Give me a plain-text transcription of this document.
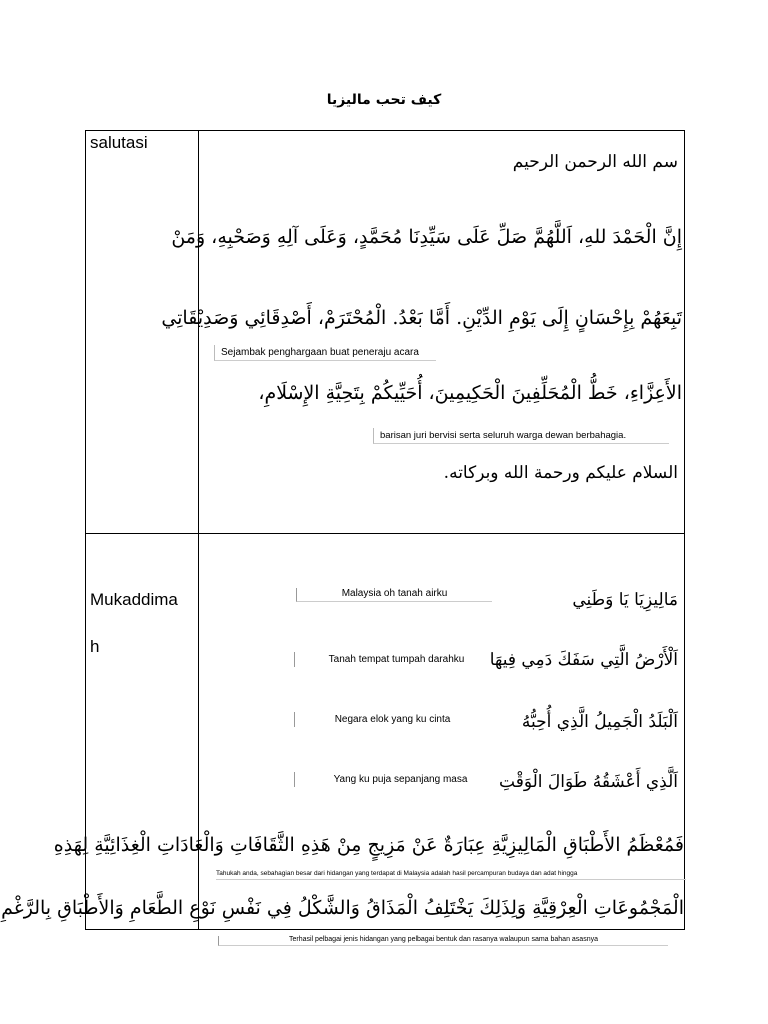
كيف تحب ماليزيا
salutasi
سم الله الرحمن الرحيم
إِنَّ الْحَمْدَ للهِ، اَللَّهُمَّ صَلِّ عَلَى سَيِّدِنَا مُحَمَّدٍ، وَعَلَى آلِهِ وَصَحْبِهِ، وَمَنْ
تَبِعَهُمْ بِإِحْسَانٍ إِلَى يَوْمِ الدِّيْنِ. أَمَّا بَعْدُ. الْمُحْتَرَمْ، أَصْدِقَائِي وَصَدِيْقَاتِي
Sejambak penghargaan buat peneraju acara
الأَعِزَّاءِ، خَطُّ الْمُحَلِّفِينَ الْحَكِيمِينَ، أُحَيِّيكُمْ بِتَحِيَّةِ الإِسْلَامِ،
barisan juri bervisi serta seluruh warga dewan berbahagia.
السلام عليكم ورحمة الله وبركاته.
Mukaddima
h
مَالِيزِيَا يَا وَطَنِي
Malaysia oh tanah airku
اَلْأَرْضُ الَّتِي سَفَكَ دَمِي فِيهَا
Tanah tempat tumpah darahku
اَلْبَلَدُ الْجَمِيلُ الَّذِي أُحِبُّهُ
Negara elok yang ku cinta
اَلَّذِي أَعْشَقُهُ طَوَالَ الْوَقْتِ
Yang ku puja sepanjang masa
فَمُعْظَمُ الأَطْبَاقِ الْمَالِيزِيَّةِ عِبَارَةٌ عَنْ مَزِيجٍ مِنْ هَذِهِ الثَّقَافَاتِ وَالْعَادَاتِ الْغِذَائِيَّةِ لِهَذِهِ
Tahukah anda, sebahagian besar dari hidangan yang terdapat di Malaysia adalah hasil percampuran budaya dan adat hingga
الْمَجْمُوعَاتِ الْعِرْقِيَّةِ وَلِذَلِكَ يَخْتَلِفُ الْمَذَاقُ وَالشَّكْلُ فِي نَفْسِ نَوْعِ الطَّعَامِ وَالأَطْبَاقِ بِالرَّغْمِ
Terhasil pelbagai jenis hidangan yang pelbagai bentuk dan rasanya walaupun sama bahan asasnya
